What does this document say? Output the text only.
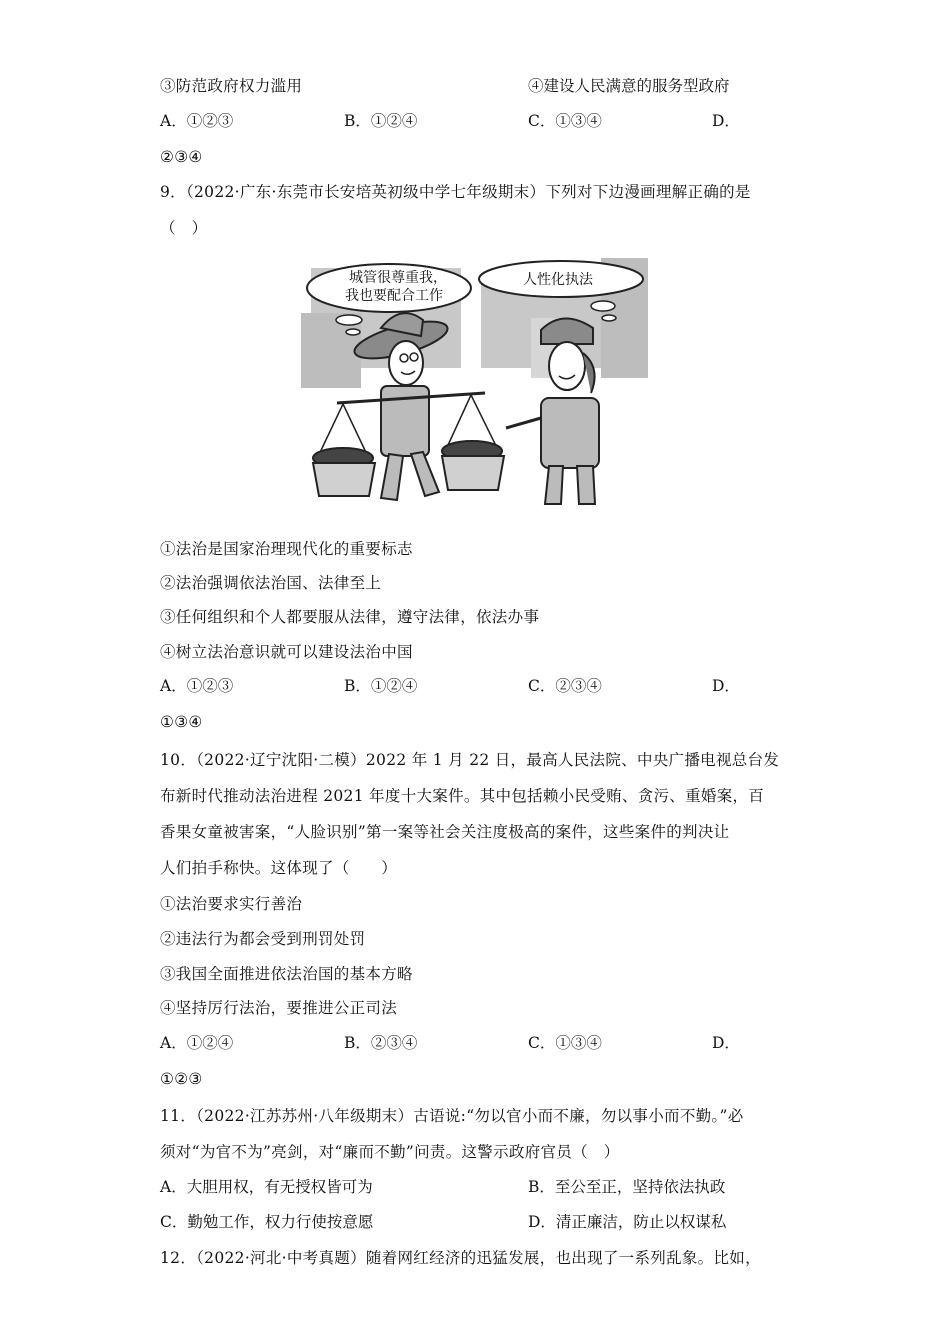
③防范政府权力滥用	④建设人民满意的服务型政府
A．①②③	B．①②④	C．①③④	D．
②③④
9．（2022·广东·东莞市长安培英初级中学七年级期末）下列对下边漫画理解正确的是
（　）
城管很尊重我，
我也要配合工作
人性化执法
①法治是国家治理现代化的重要标志
②法治强调依法治国、法律至上
③任何组织和个人都要服从法律，遵守法律，依法办事
④树立法治意识就可以建设法治中国
A．①②③	B．①②④	C．②③④	D．
①③④
10．（2022·辽宁沈阳·二模）2022 年 1 月 22 日，最高人民法院、中央广播电视总台发
布新时代推动法治进程 2021 年度十大案件。其中包括赖小民受贿、贪污、重婚案，百
香果女童被害案，“人脸识别”第一案等社会关注度极高的案件，这些案件的判决让
人们拍手称快。这体现了（　　）
①法治要求实行善治
②违法行为都会受到刑罚处罚
③我国全面推进依法治国的基本方略
④坚持厉行法治，要推进公正司法
A．①②④	B．②③④	C．①③④	D．
①②③
11．（2022·江苏苏州·八年级期末）古语说:“勿以官小而不廉，勿以事小而不勤。”必
须对“为官不为”亮剑，对“廉而不勤”问责。这警示政府官员（　）
A．大胆用权，有无授权皆可为	B．至公至正，坚持依法执政
C．勤勉工作，权力行使按意愿	D．清正廉洁，防止以权谋私
12．（2022·河北·中考真题）随着网红经济的迅猛发展，也出现了一系列乱象。比如，
